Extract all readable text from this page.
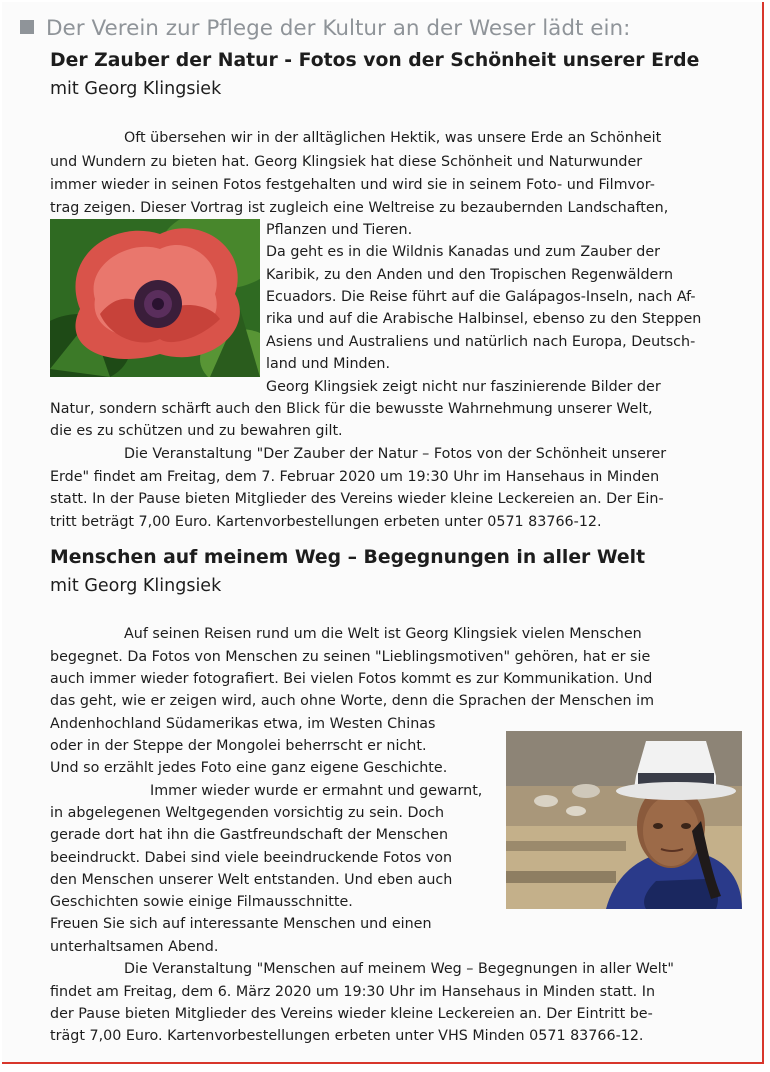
Der Verein zur Pflege der Kultur an der Weser lädt ein:
Der Zauber der Natur - Fotos von der Schönheit unserer Erde
mit Georg Klingsiek
Oft übersehen wir in der alltäglichen Hektik, was unsere Erde an Schönheit
und Wundern zu bieten hat. Georg Klingsiek hat diese Schönheit und Naturwunder
immer wieder in seinen Fotos festgehalten und wird sie in seinem Foto- und Filmvor-
trag zeigen. Dieser Vortrag ist zugleich eine Weltreise zu bezaubernden Landschaften,
Pflanzen und Tieren.
Da geht es in die Wildnis Kanadas und zum Zauber der
Karibik, zu den Anden und den Tropischen Regenwäldern
Ecuadors. Die Reise führt auf die Galápagos-Inseln, nach Af-
rika und auf die Arabische Halbinsel, ebenso zu den Steppen
Asiens und Australiens und natürlich nach Europa, Deutsch-
land und Minden.
Georg Klingsiek zeigt nicht nur faszinierende Bilder der
Natur, sondern schärft auch den Blick für die bewusste Wahrnehmung unserer Welt,
die es zu schützen und zu bewahren gilt.
Die Veranstaltung "Der Zauber der Natur – Fotos von der Schönheit unserer
Erde" findet am Freitag, dem 7. Februar 2020 um 19:30 Uhr im Hansehaus in Minden
statt. In der Pause bieten Mitglieder des Vereins wieder kleine Leckereien an. Der Ein-
tritt beträgt 7,00 Euro. Kartenvorbestellungen erbeten unter 0571 83766-12.
Menschen auf meinem Weg – Begegnungen in aller Welt
mit Georg Klingsiek
Auf seinen Reisen rund um die Welt ist Georg Klingsiek vielen Menschen
begegnet. Da Fotos von Menschen zu seinen "Lieblingsmotiven" gehören, hat er sie
auch immer wieder fotografiert. Bei vielen Fotos kommt es zur Kommunikation. Und
das geht, wie er zeigen wird, auch ohne Worte, denn die Sprachen der Menschen im
Andenhochland Südamerikas etwa, im Westen Chinas
oder in der Steppe der Mongolei beherrscht er nicht.
Und so erzählt jedes Foto eine ganz eigene Geschichte.
Immer wieder wurde er ermahnt und gewarnt,
in abgelegenen Weltgegenden vorsichtig zu sein. Doch
gerade dort hat ihn die Gastfreundschaft der Menschen
beeindruckt. Dabei sind viele beeindruckende Fotos von
den Menschen unserer Welt entstanden. Und eben auch
Geschichten sowie einige Filmausschnitte.
Freuen Sie sich auf interessante Menschen und einen
unterhaltsamen Abend.
Die Veranstaltung "Menschen auf meinem Weg – Begegnungen in aller Welt"
findet am Freitag, dem 6. März 2020 um 19:30 Uhr im Hansehaus in Minden statt. In
der Pause bieten Mitglieder des Vereins wieder kleine Leckereien an. Der Eintritt be-
trägt 7,00 Euro. Kartenvorbestellungen erbeten unter VHS Minden 0571 83766-12.
